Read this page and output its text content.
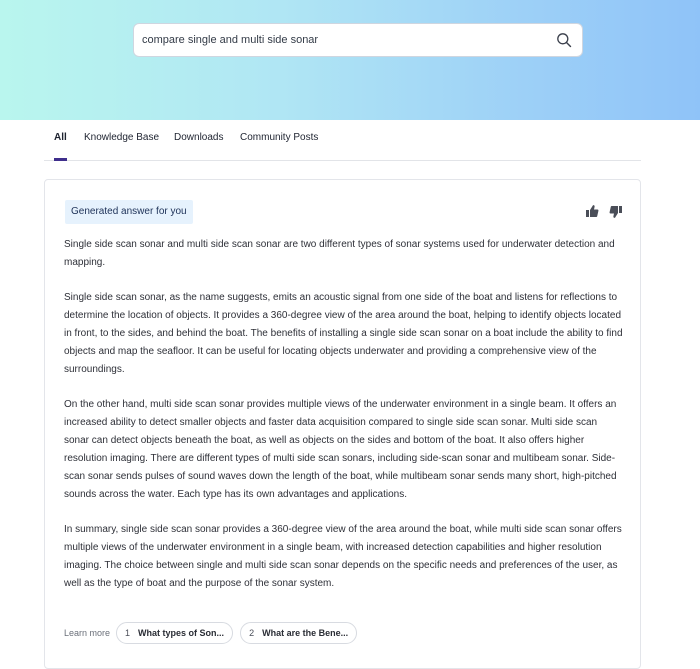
compare single and multi side sonar
All Knowledge Base Downloads Community Posts
Generated answer for you

Single side scan sonar and multi side scan sonar are two different types of sonar systems used for underwater detection and mapping.

Single side scan sonar, as the name suggests, emits an acoustic signal from one side of the boat and listens for reflections to determine the location of objects. It provides a 360-degree view of the area around the boat, helping to identify objects located in front, to the sides, and behind the boat. The benefits of installing a single side scan sonar on a boat include the ability to find objects and map the seafloor. It can be useful for locating objects underwater and providing a comprehensive view of the surroundings.

On the other hand, multi side scan sonar provides multiple views of the underwater environment in a single beam. It offers an increased ability to detect smaller objects and faster data acquisition compared to single side scan sonar. Multi side scan sonar can detect objects beneath the boat, as well as objects on the sides and bottom of the boat. It also offers higher resolution imaging. There are different types of multi side scan sonars, including side-scan sonar and multibeam sonar. Side-scan sonar sends pulses of sound waves down the length of the boat, while multibeam sonar sends many short, high-pitched sounds across the water. Each type has its own advantages and applications.

In summary, single side scan sonar provides a 360-degree view of the area around the boat, while multi side scan sonar offers multiple views of the underwater environment in a single beam, with increased detection capabilities and higher resolution imaging. The choice between single and multi side scan sonar depends on the specific needs and preferences of the user, as well as the type of boat and the purpose of the sonar system.

Learn more 1 What types of Son...	2 What are the Bene...
